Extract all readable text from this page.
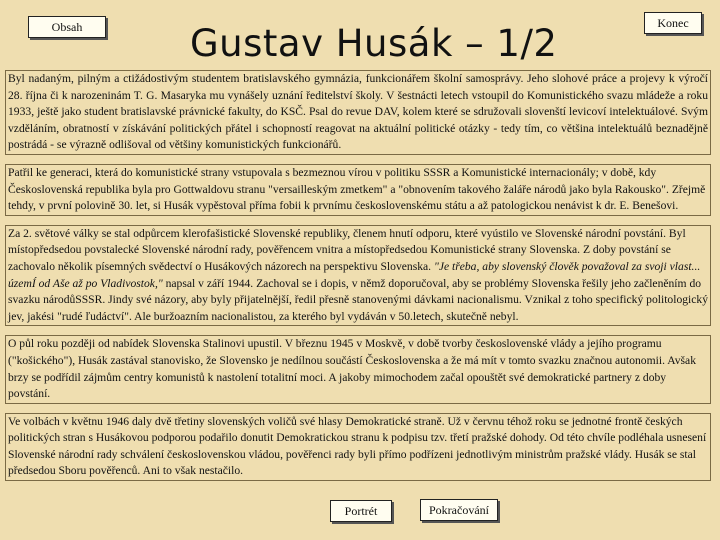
Obsah	Konec
Gustav Husák – 1/2
Byl nadaným, pilným a ctižádostivým studentem bratislavského gymnázia, funkcionářem školní samosprávy. Jeho slohové práce a projevy k výročí 28. října či k narozeninám T. G. Masaryka mu vynášely uznání ředitelství školy. V šestnácti letech vstoupil do Komunistického svazu mládeže a roku 1933, ještě jako student bratislavské právnické fakulty, do KSČ. Psal do revue DAV, kolem které se sdružovali slovenští levicoví intelektuálové. Svým vzděláním, obratností v získávání politických přátel i schopností reagovat na aktuální politické otázky - tedy tím, co většina intelektuálů beznadějně postrádá - se výrazně odlišoval od většiny komunistických funkcionářů.
Patřil ke generaci, která do komunistické strany vstupovala s bezmeznou vírou v politiku SSSR a Komunistické internacionály; v době, kdy Československá republika byla pro Gottwaldovu stranu "versailleským zmetkem" a "obnovením takového žaláře národů jako byla Rakousko". Zřejmě tehdy, v první polovině 30. let, si Husák vypěstoval příma fobii k prvnímu československému státu a až patologickou nenávist k dr. E. Benešovi.
Za 2. světové války se stal odpůrcem klerofašistické Slovenské republiky, členem hnutí odporu, které vyústilo ve Slovenské národní povstání. Byl místopředsedou povstalecké Slovenské národní rady, pověřencem vnitra a místopředsedou Komunistické strany Slovenska. Z doby povstání se zachovalo několik písemných svědectví o Husákových názorech na perspektivu Slovenska. "Je třeba, aby slovenský člověk považoval za svoji vlast... územÍ od Aše až po Vladivostok," napsal v září 1944. Zachoval se i dopis, v němž doporučoval, aby se problémy Slovenska řešily jeho začleněním do svazku národůSSSR. Jindy své názory, aby byly přijatelnější, ředil přesně stanovenými dávkami nacionalismu. Vznikal z toho specifický politologický jev, jakési "rudé ľudáctví". Ale buržoazním nacionalistou, za kterého byl vydáván v 50.letech, skutečně nebyl.
O půl roku později od nabídek Slovenska Stalinovi upustil. V březnu 1945 v Moskvě, v době tvorby československé vlády a jejího programu ("košického"), Husák zastával stanovisko, že Slovensko je nedílnou součástí Československa a že má mít v tomto svazku značnou autonomii. Avšak brzy se podřídil zájmům centry komunistů k nastolení totalitní moci. A jakoby mimochodem začal opouštět své demokratické partnery z doby povstání.
Ve volbách v květnu 1946 daly dvě třetiny slovenských voličů své hlasy Demokratické straně. Už v červnu téhož roku se jednotné frontě českých politických stran s Husákovou podporou podařilo donutit Demokratickou stranu k podpisu tzv. třetí pražské dohody. Od této chvíle podléhala usnesení Slovenské národní rady schválení československou vládou, pověřenci rady byli přímo podřízeni jednotlivým ministrům pražské vlády. Husák se stal předsedou Sboru pověřenců. Ani to však nestačilo.
Portrét	Pokračování
